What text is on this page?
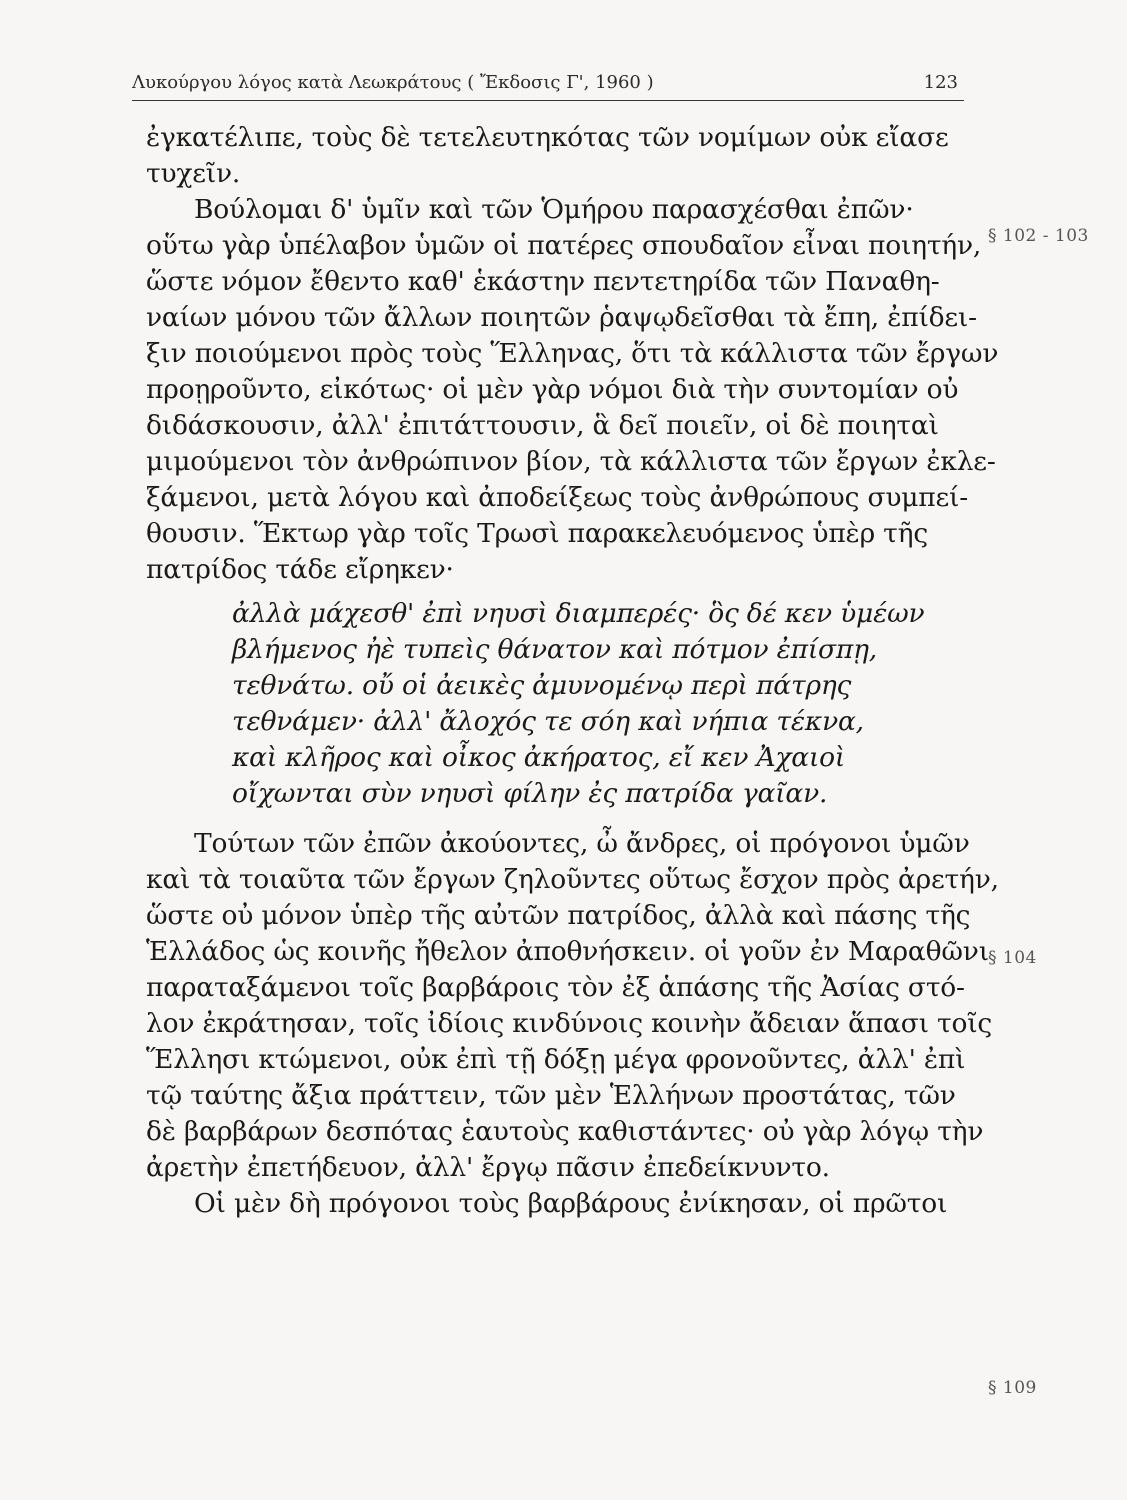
Λυκούργου λόγος κατὰ Λεωκράτους ( Ἔκδοσις Γ', 1960 )	123
§ 102 - 103
§ 104
§ 109
ἐγκατέλιπε, τοὺς δὲ τετελευτηκότας τῶν νομίμων οὐκ εἴασε
τυχεῖν.
Βούλομαι δ' ὑμῖν καὶ τῶν Ὁμήρου παρασχέσθαι ἐπῶν·
οὕτω γὰρ ὑπέλαβον ὑμῶν οἱ πατέρες σπουδαῖον εἶναι ποιητήν,
ὥστε νόμον ἔθεντο καθ' ἑκάστην πεντετηρίδα τῶν Παναθη-
ναίων μόνου τῶν ἄλλων ποιητῶν ῥαψῳδεῖσθαι τὰ ἔπη, ἐπίδει-
ξιν ποιούμενοι πρὸς τοὺς Ἕλληνας, ὅτι τὰ κάλλιστα τῶν ἔργων
προῃροῦντο, εἰκότως· οἱ μὲν γὰρ νόμοι διὰ τὴν συντομίαν οὐ
διδάσκουσιν, ἀλλ' ἐπιτάττουσιν, ἃ δεῖ ποιεῖν, οἱ δὲ ποιηταὶ
μιμούμενοι τὸν ἀνθρώπινον βίον, τὰ κάλλιστα τῶν ἔργων ἐκλε-
ξάμενοι, μετὰ λόγου καὶ ἀποδείξεως τοὺς ἀνθρώπους συμπεί-
θουσιν. Ἕκτωρ γὰρ τοῖς Τρωσὶ παρακελευόμενος ὑπὲρ τῆς
πατρίδος τάδε εἴρηκεν·
ἀλλὰ μάχεσθ' ἐπὶ νηυσὶ διαμπερές· ὃς δέ κεν ὑμέων
βλήμενος ἠὲ τυπεὶς θάνατον καὶ πότμον ἐπίσπῃ,
τεθνάτω. οὔ οἱ ἀεικὲς ἀμυνομένῳ περὶ πάτρης
τεθνάμεν· ἀλλ' ἄλοχός τε σόη καὶ νήπια τέκνα,
καὶ κλῆρος καὶ οἶκος ἀκήρατος, εἴ κεν Ἀχαιοὶ
οἴχωνται σὺν νηυσὶ φίλην ἐς πατρίδα γαῖαν.
Τούτων τῶν ἐπῶν ἀκούοντες, ὦ ἄνδρες, οἱ πρόγονοι ὑμῶν
καὶ τὰ τοιαῦτα τῶν ἔργων ζηλοῦντες οὕτως ἔσχον πρὸς ἀρετήν,
ὥστε οὐ μόνον ὑπὲρ τῆς αὐτῶν πατρίδος, ἀλλὰ καὶ πάσης τῆς
Ἑλλάδος ὡς κοινῆς ἤθελον ἀποθνήσκειν. οἱ γοῦν ἐν Μαραθῶνι
παραταξάμενοι τοῖς βαρβάροις τὸν ἐξ ἁπάσης τῆς Ἀσίας στό-
λον ἐκράτησαν, τοῖς ἰδίοις κινδύνοις κοινὴν ἄδειαν ἅπασι τοῖς
Ἕλλησι κτώμενοι, οὐκ ἐπὶ τῇ δόξῃ μέγα φρονοῦντες, ἀλλ' ἐπὶ
τῷ ταύτης ἄξια πράττειν, τῶν μὲν Ἑλλήνων προστάτας, τῶν
δὲ βαρβάρων δεσπότας ἑαυτοὺς καθιστάντες· οὐ γὰρ λόγῳ τὴν
ἀρετὴν ἐπετήδευον, ἀλλ' ἔργῳ πᾶσιν ἐπεδείκνυντο.
Οἱ μὲν δὴ πρόγονοι τοὺς βαρβάρους ἐνίκησαν, οἱ πρῶτοι
